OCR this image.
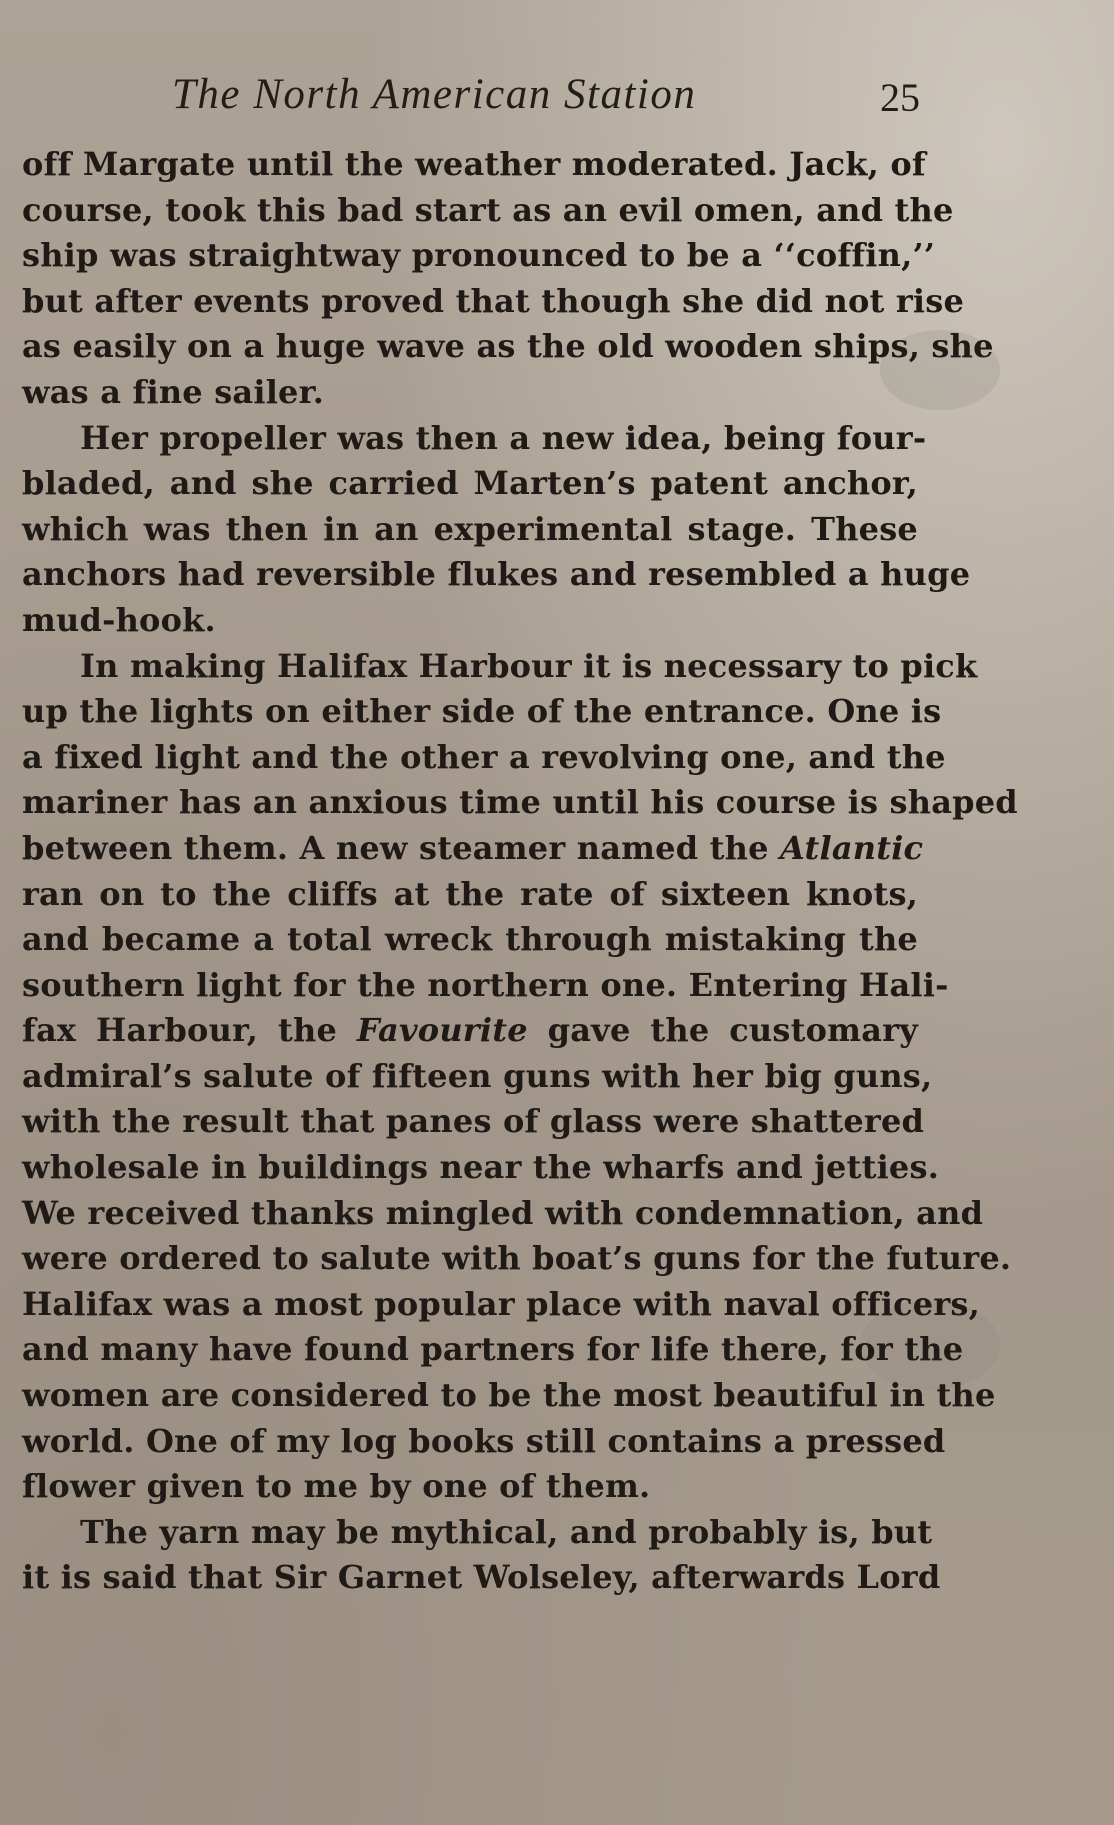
The North American Station	25
off Margate until the weather moderated. Jack, of
course, took this bad start as an evil omen, and the
ship was straightway pronounced to be a ‘‘coffin,’’
but after events proved that though she did not rise
as easily on a huge wave as the old wooden ships, she
was a fine sailer.
Her propeller was then a new idea, being four-
bladed, and she carried Marten’s patent anchor,
which was then in an experimental stage. These
anchors had reversible flukes and resembled a huge
mud-hook.
In making Halifax Harbour it is necessary to pick
up the lights on either side of the entrance. One is
a fixed light and the other a revolving one, and the
mariner has an anxious time until his course is shaped
between them. A new steamer named the Atlantic
ran on to the cliffs at the rate of sixteen knots,
and became a total wreck through mistaking the
southern light for the northern one. Entering Hali-
fax Harbour, the Favourite gave the customary
admiral’s salute of fifteen guns with her big guns,
with the result that panes of glass were shattered
wholesale in buildings near the wharfs and jetties.
We received thanks mingled with condemnation, and
were ordered to salute with boat’s guns for the future.
Halifax was a most popular place with naval officers,
and many have found partners for life there, for the
women are considered to be the most beautiful in the
world. One of my log books still contains a pressed
flower given to me by one of them.
The yarn may be mythical, and probably is, but
it is said that Sir Garnet Wolseley, afterwards Lord
